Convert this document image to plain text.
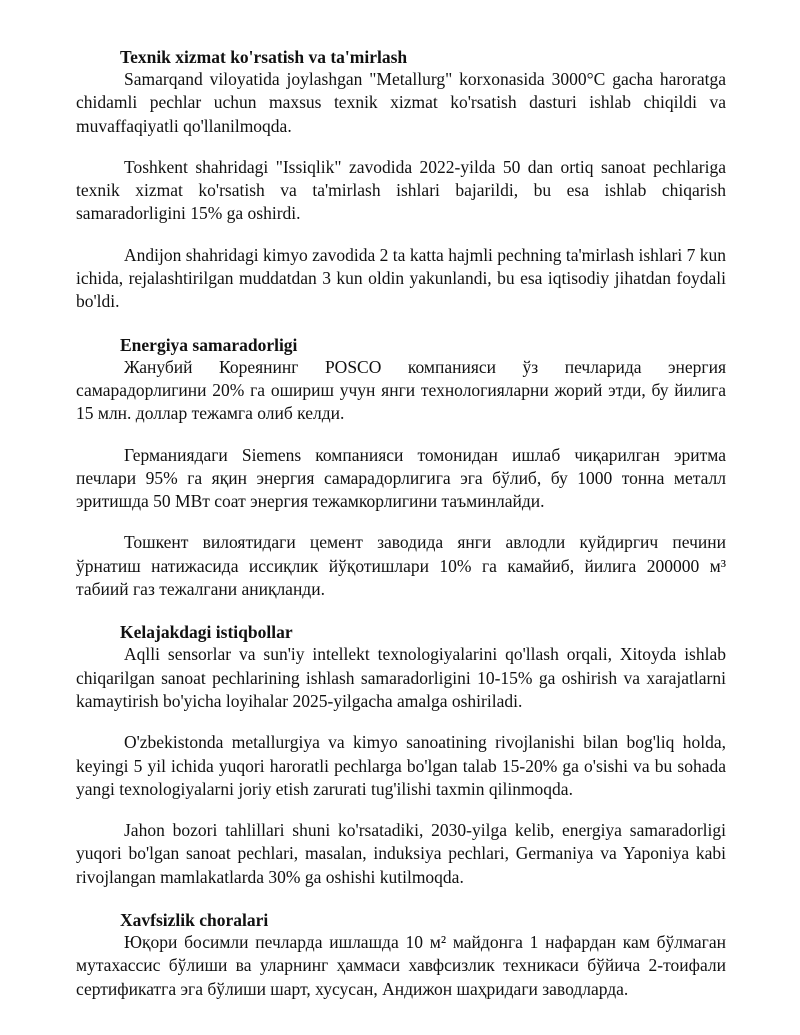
Texnik xizmat ko'rsatish va ta'mirlash

Samarqand viloyatida joylashgan "Metallurg" korxonasida 3000°C gacha haroratga chidamli pechlar uchun maxsus texnik xizmat ko'rsatish dasturi ishlab chiqildi va muvaffaqiyatli qo'llanilmoqda.

Toshkent shahridagi "Issiqlik" zavodida 2022-yilda 50 dan ortiq sanoat pechlariga texnik xizmat ko'rsatish va ta'mirlash ishlari bajarildi, bu esa ishlab chiqarish samaradorligini 15% ga oshirdi.

Andijon shahridagi kimyo zavodida 2 ta katta hajmli pechning ta'mirlash ishlari 7 kun ichida, rejalashtirilgan muddatdan 3 kun oldin yakunlandi, bu esa iqtisodiy jihatdan foydali bo'ldi.

Energiya samaradorligi

Жанубий Кореянинг POSCO компанияси ўз печларида энергия самарадорлигини 20% га ошириш учун янги технологияларни жорий этди, бу йилига 15 млн. доллар тежамга олиб келди.

Германиядаги Siemens компанияси томонидан ишлаб чиқарилган эритма печлари 95% га яқин энергия самарадорлигига эга бўлиб, бу 1000 тонна металл эритишда 50 МВт соат энергия тежамкорлигини таъминлайди.

Тошкент вилоятидаги цемент заводида янги авлодли куйдиргич печини ўрнатиш натижасида иссиқлик йўқотишлари 10% га камайиб, йилига 200000 м³ табиий газ тежалгани аниқланди.

Kelajakdagi istiqbollar

Aqlli sensorlar va sun'iy intellekt texnologiyalarini qo'llash orqali, Xitoyda ishlab chiqarilgan sanoat pechlarining ishlash samaradorligini 10-15% ga oshirish va xarajatlarni kamaytirish bo'yicha loyihalar 2025-yilgacha amalga oshiriladi.

O'zbekistonda metallurgiya va kimyo sanoatining rivojlanishi bilan bog'liq holda, keyingi 5 yil ichida yuqori haroratli pechlarga bo'lgan talab 15-20% ga o'sishi va bu sohada yangi texnologiyalarni joriy etish zarurati tug'ilishi taxmin qilinmoqda.

Jahon bozori tahlillari shuni ko'rsatadiki, 2030-yilga kelib, energiya samaradorligi yuqori bo'lgan sanoat pechlari, masalan, induksiya pechlari, Germaniya va Yaponiya kabi rivojlangan mamlakatlarda 30% ga oshishi kutilmoqda.

Xavfsizlik choralari

Юқори босимли печларда ишлашда 10 м² майдонга 1 нафардан кам бўлмаган мутахассис бўлиши ва уларнинг ҳаммаси хавфсизлик техникаси бўйича 2-тоифали сертификатга эга бўлиши шарт, хусусан, Андижон шаҳридаги заводларда.
